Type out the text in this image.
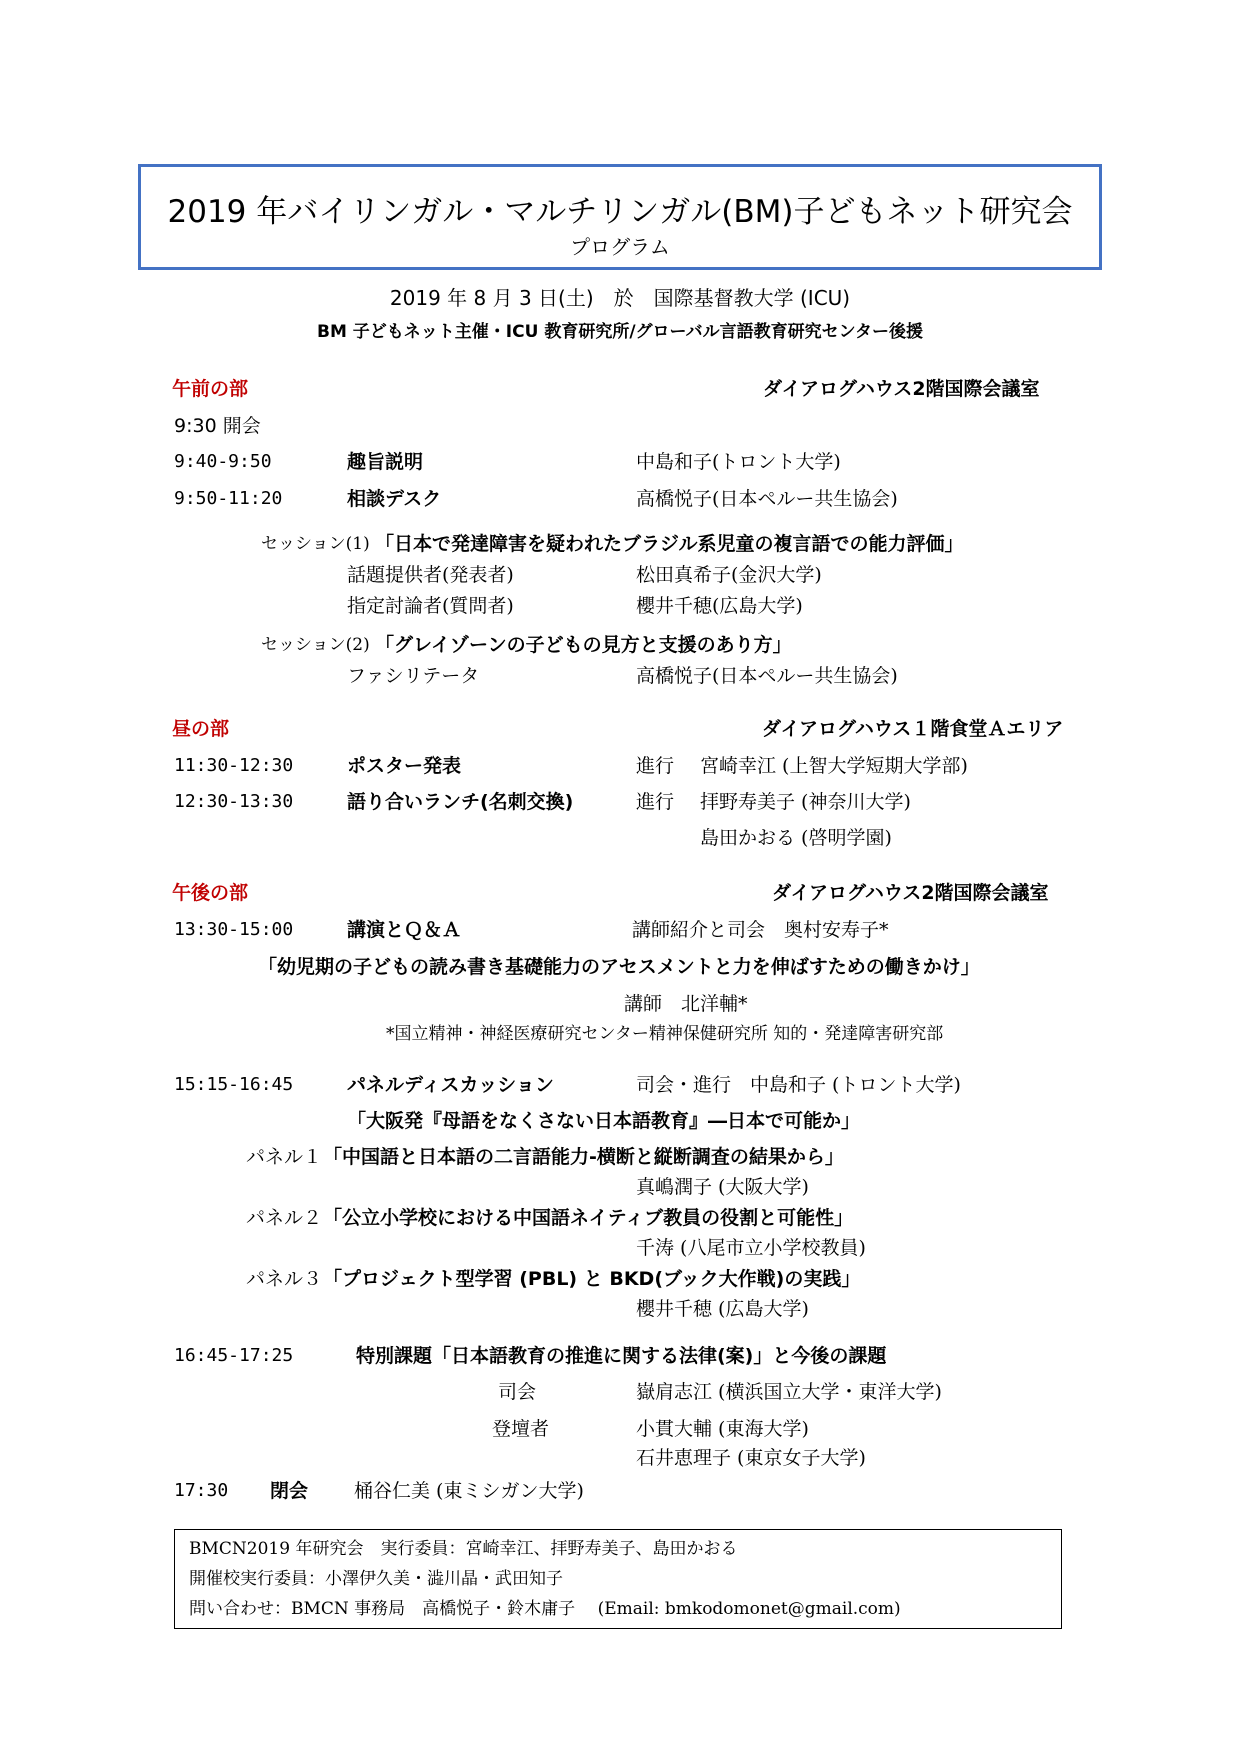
2019 年バイリンガル・マルチリンガル(BM)子どもネット研究会
プログラム
2019 年 8 月 3 日(土)　於　国際基督教大学 (ICU)
BM 子どもネット主催・ICU 教育研究所/グローバル言語教育研究センター後援
午前の部	ダイアログハウス2階国際会議室
9:30 開会
9:40-9:50	趣旨説明	中島和子(トロント大学)
9:50-11:20	相談デスク	高橋悦子(日本ペルー共生協会)
セッション(1) 「日本で発達障害を疑われたブラジル系児童の複言語での能力評価」
話題提供者(発表者)	松田真希子(金沢大学)
指定討論者(質問者)	櫻井千穂(広島大学)
セッション(2) 「グレイゾーンの子どもの見方と支援のあり方」
ファシリテータ	高橋悦子(日本ペルー共生協会)
昼の部	ダイアログハウス１階食堂Ａエリア
11:30-12:30	ポスター発表	進行 宮崎幸江 (上智大学短期大学部)
12:30-13:30	語り合いランチ(名刺交換)	進行 拝野寿美子 (神奈川大学)
島田かおる (啓明学園)
午後の部	ダイアログハウス2階国際会議室
13:30-15:00	講演とＱ＆Ａ	講師紹介と司会　奥村安寿子*
「幼児期の子どもの読み書き基礎能力のアセスメントと力を伸ばすための働きかけ」
講師　北洋輔*
*国立精神・神経医療研究センター精神保健研究所 知的・発達障害研究部
15:15-16:45	パネルディスカッション	司会・進行　中島和子 (トロント大学)
「大阪発『母語をなくさない日本語教育』―日本で可能か」
パネル１ 「中国語と日本語の二言語能力-横断と縦断調査の結果から」
真嶋潤子 (大阪大学)
パネル２ 「公立小学校における中国語ネイティブ教員の役割と可能性」
千涛 (八尾市立小学校教員)
パネル３ 「プロジェクト型学習 (PBL) と BKD(ブック大作戦)の実践」
櫻井千穂 (広島大学)
16:45-17:25	特別課題「日本語教育の推進に関する法律(案)」と今後の課題
司会	嶽肩志江 (横浜国立大学・東洋大学)
登壇者	小貫大輔 (東海大学)
石井恵理子 (東京女子大学)
17:30 閉会 桶谷仁美 (東ミシガン大学)
BMCN2019 年研究会　実行委員：宮崎幸江、拝野寿美子、島田かおる
開催校実行委員：小澤伊久美・澁川晶・武田知子
問い合わせ：BMCN 事務局　高橋悦子・鈴木庸子　 (Email: bmkodomonet@gmail.com)
